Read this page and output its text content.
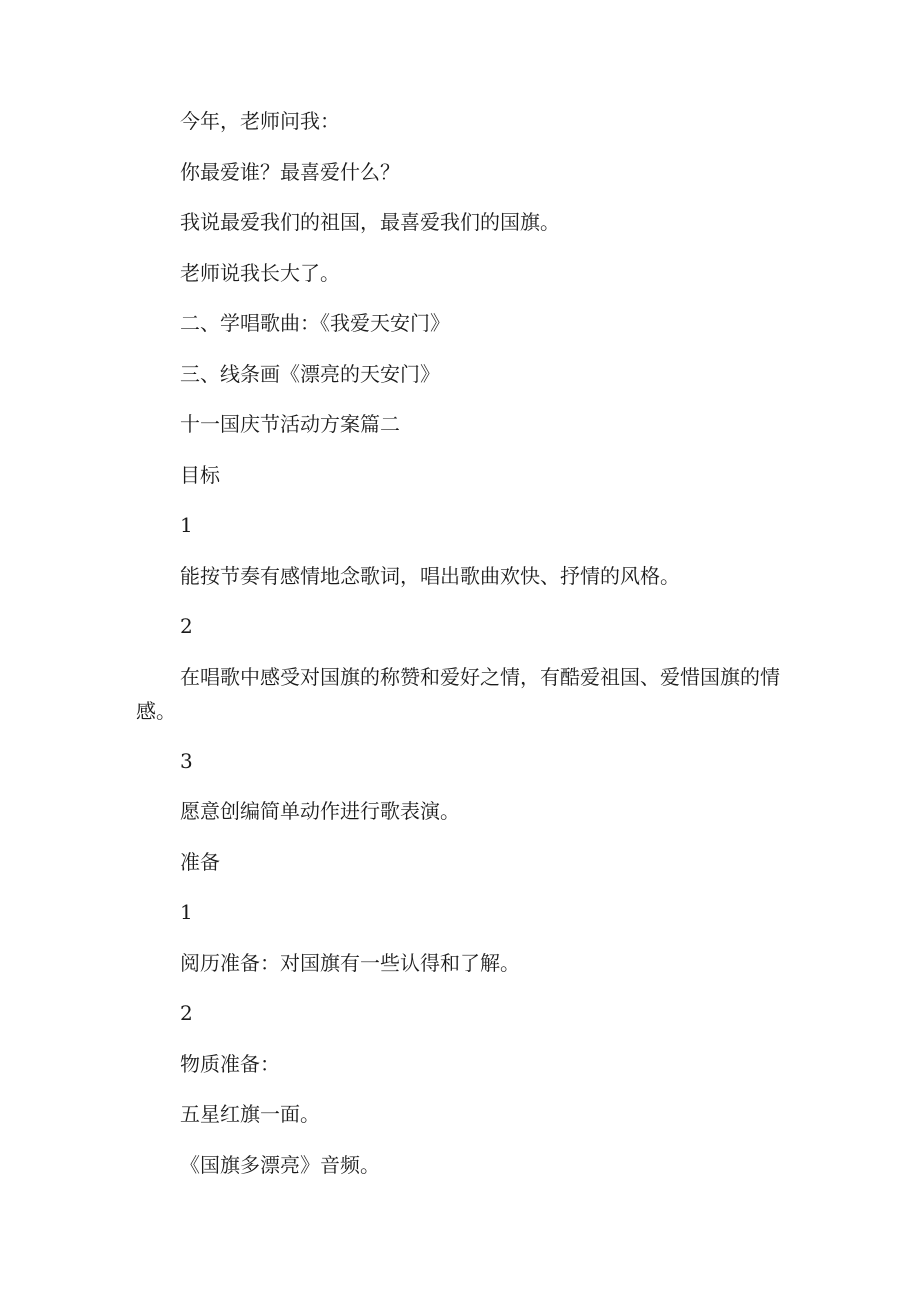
今年，老师问我：

你最爱谁？最喜爱什么？

我说最爱我们的祖国，最喜爱我们的国旗。

老师说我长大了。

二、学唱歌曲：《我爱天安门》

三、线条画《漂亮的天安门》

十一国庆节活动方案篇二

目标

1

能按节奏有感情地念歌词，唱出歌曲欢快、抒情的风格。

2

在唱歌中感受对国旗的称赞和爱好之情，有酷爱祖国、爱惜国旗的情感。

3

愿意创编简单动作进行歌表演。

准备

1

阅历准备：对国旗有一些认得和了解。

2

物质准备：

五星红旗一面。

《国旗多漂亮》音频。
